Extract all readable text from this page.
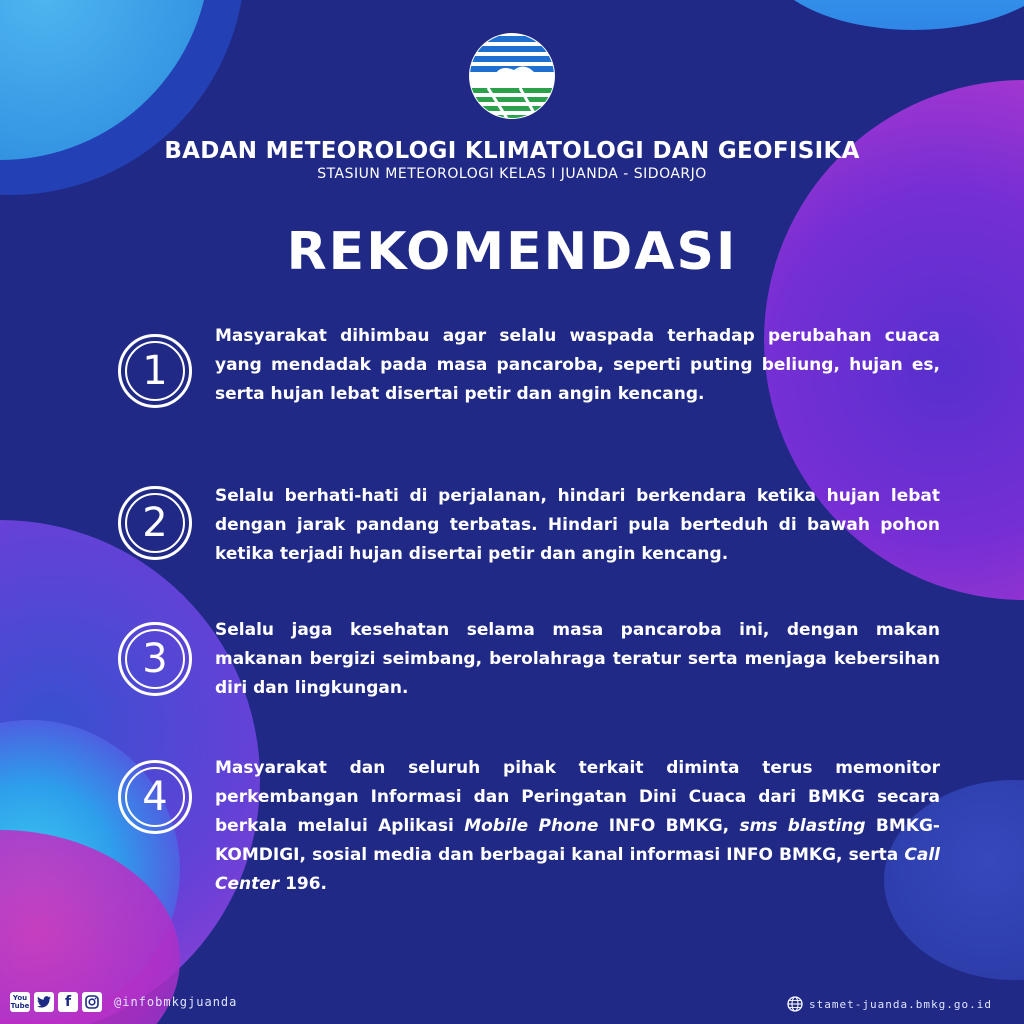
BADAN METEOROLOGI KLIMATOLOGI DAN GEOFISIKA
STASIUN METEOROLOGI KELAS I JUANDA - SIDOARJO
REKOMENDASI
1
Masyarakat dihimbau agar selalu waspada terhadap perubahan cuaca yang mendadak pada masa pancaroba, seperti puting beliung, hujan es, serta hujan lebat disertai petir dan angin kencang.
2
Selalu berhati-hati di perjalanan, hindari berkendara ketika hujan lebat dengan jarak pandang terbatas. Hindari pula berteduh di bawah pohon ketika terjadi hujan disertai petir dan angin kencang.
3
Selalu jaga kesehatan selama masa pancaroba ini, dengan makan makanan bergizi seimbang, berolahraga teratur serta menjaga kebersihan diri dan lingkungan.
4
Masyarakat dan seluruh pihak terkait diminta terus memonitor perkembangan Informasi dan Peringatan Dini Cuaca dari BMKG secara berkala melalui Aplikasi Mobile Phone INFO BMKG, sms blasting BMKG-KOMDIGI, sosial media dan berbagai kanal informasi INFO BMKG, serta Call Center 196.
You Tube	f	@infobmkgjuanda	stamet-juanda.bmkg.go.id
